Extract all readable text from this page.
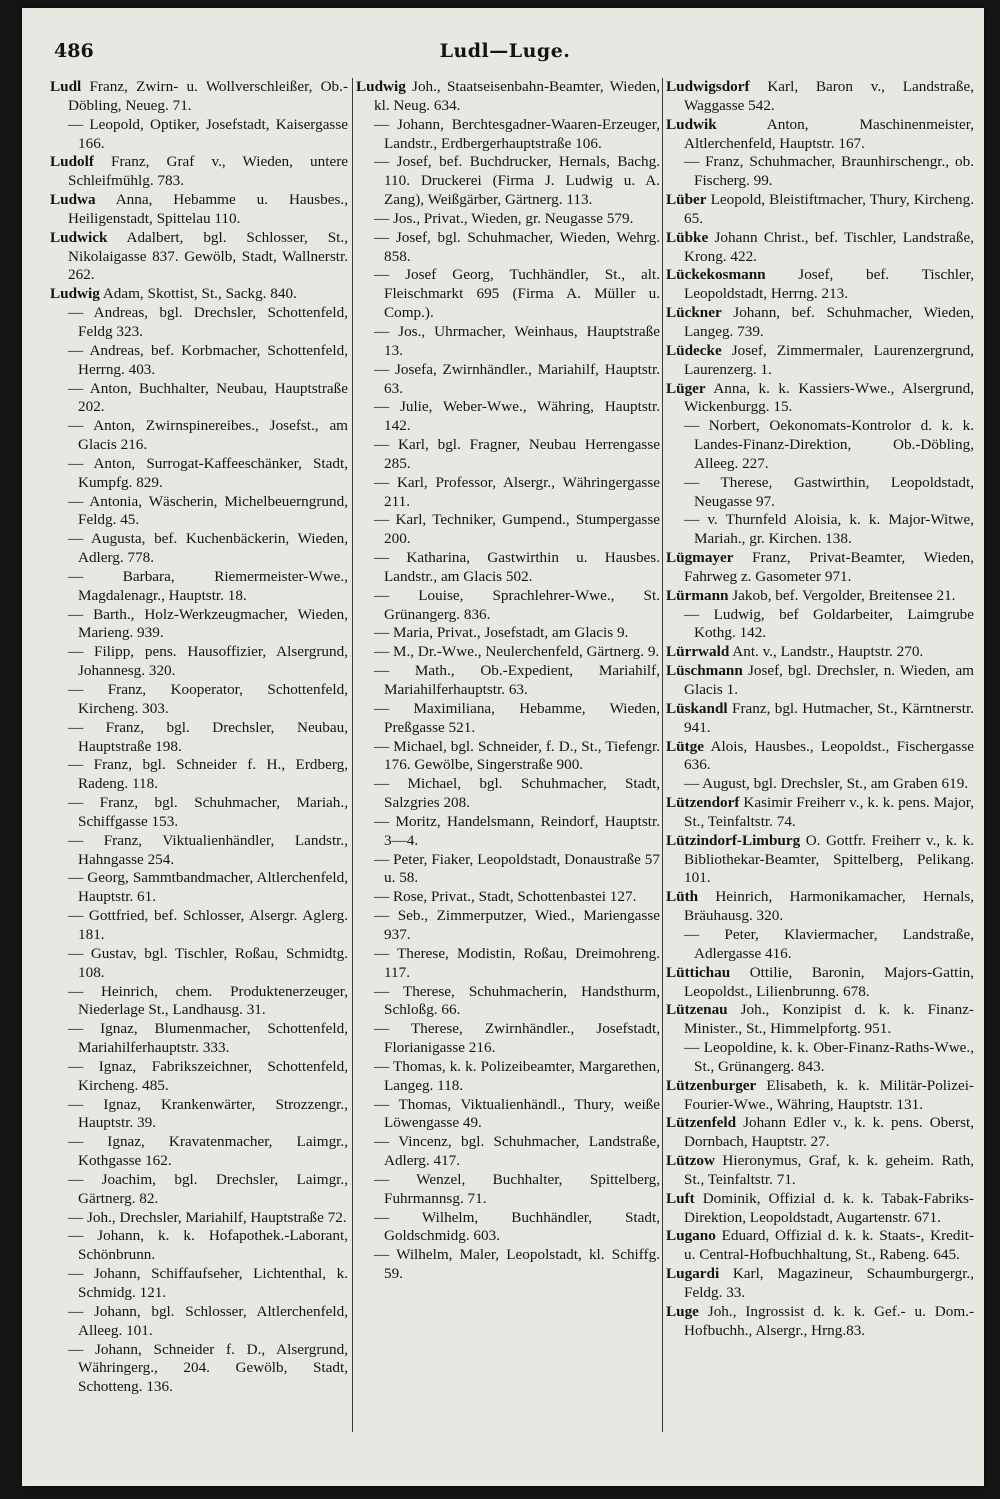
486	Ludl—Luge.
Ludl Franz, Zwirn- u. Wollverschleißer, Ob.-Döbling, Neueg. 71.
— Leopold, Optiker, Josefstadt, Kaisergasse 166.
Ludolf Franz, Graf v., Wieden, untere Schleifmühlg. 783.
Ludwa Anna, Hebamme u. Hausbes., Heiligenstadt, Spittelau 110.
Ludwick Adalbert, bgl. Schlosser, St., Nikolaigasse 837. Gewölb, Stadt, Wallnerstr. 262.
Ludwig Adam, Skottist, St., Sackg. 840.
— Andreas, bgl. Drechsler, Schottenfeld, Feldg 323.
— Andreas, bef. Korbmacher, Schottenfeld, Herrng. 403.
— Anton, Buchhalter, Neubau, Hauptstraße 202.
— Anton, Zwirnspinereibes., Josefst., am Glacis 216.
— Anton, Surrogat-Kaffeeschänker, Stadt, Kumpfg. 829.
— Antonia, Wäscherin, Michelbeuerngrund, Feldg. 45.
— Augusta, bef. Kuchenbäckerin, Wieden, Adlerg. 778.
— Barbara, Riemermeister-Wwe., Magdalenagr., Hauptstr. 18.
— Barth., Holz-Werkzeugmacher, Wieden, Marieng. 939.
— Filipp, pens. Hausoffizier, Alsergrund, Johannesg. 320.
— Franz, Kooperator, Schottenfeld, Kircheng. 303.
— Franz, bgl. Drechsler, Neubau, Hauptstraße 198.
— Franz, bgl. Schneider f. H., Erdberg, Radeng. 118.
— Franz, bgl. Schuhmacher, Mariah., Schiffgasse 153.
— Franz, Viktualienhändler, Landstr., Hahngasse 254.
— Georg, Sammtbandmacher, Altlerchenfeld, Hauptstr. 61.
— Gottfried, bef. Schlosser, Alsergr. Aglerg. 181.
— Gustav, bgl. Tischler, Roßau, Schmidtg. 108.
— Heinrich, chem. Produktenerzeuger, Niederlage St., Landhausg. 31.
— Ignaz, Blumenmacher, Schottenfeld, Mariahilferhauptstr. 333.
— Ignaz, Fabrikszeichner, Schottenfeld, Kircheng. 485.
— Ignaz, Krankenwärter, Strozzengr., Hauptstr. 39.
— Ignaz, Kravatenmacher, Laimgr., Kothgasse 162.
— Joachim, bgl. Drechsler, Laimgr., Gärtnerg. 82.
— Joh., Drechsler, Mariahilf, Hauptstraße 72.
— Johann, k. k. Hofapothek.-Laborant, Schönbrunn.
— Johann, Schiffaufseher, Lichtenthal, k. Schmidg. 121.
— Johann, bgl. Schlosser, Altlerchenfeld, Alleeg. 101.
— Johann, Schneider f. D., Alsergrund, Währingerg., 204. Gewölb, Stadt, Schotteng. 136.
Ludwig Joh., Staatseisenbahn-Beamter, Wieden, kl. Neug. 634.
— Johann, Berchtesgadner-Waaren-Erzeuger, Landstr., Erdbergerhauptstraße 106.
— Josef, bef. Buchdrucker, Hernals, Bachg. 110. Druckerei (Firma J. Ludwig u. A. Zang), Weißgärber, Gärtnerg. 113.
— Jos., Privat., Wieden, gr. Neugasse 579.
— Josef, bgl. Schuhmacher, Wieden, Wehrg. 858.
— Josef Georg, Tuchhändler, St., alt. Fleischmarkt 695 (Firma A. Müller u. Comp.).
— Jos., Uhrmacher, Weinhaus, Hauptstraße 13.
— Josefa, Zwirnhändler., Mariahilf, Hauptstr. 63.
— Julie, Weber-Wwe., Währing, Hauptstr. 142.
— Karl, bgl. Fragner, Neubau Herrengasse 285.
— Karl, Professor, Alsergr., Währingergasse 211.
— Karl, Techniker, Gumpend., Stumpergasse 200.
— Katharina, Gastwirthin u. Hausbes. Landstr., am Glacis 502.
— Louise, Sprachlehrer-Wwe., St. Grünangerg. 836.
— Maria, Privat., Josefstadt, am Glacis 9.
— M., Dr.-Wwe., Neulerchenfeld, Gärtnerg. 9.
— Math., Ob.-Expedient, Mariahilf, Mariahilferhauptstr. 63.
— Maximiliana, Hebamme, Wieden, Preßgasse 521.
— Michael, bgl. Schneider, f. D., St., Tiefengr. 176. Gewölbe, Singerstraße 900.
— Michael, bgl. Schuhmacher, Stadt, Salzgries 208.
— Moritz, Handelsmann, Reindorf, Hauptstr. 3—4.
— Peter, Fiaker, Leopoldstadt, Donaustraße 57 u. 58.
— Rose, Privat., Stadt, Schottenbastei 127.
— Seb., Zimmerputzer, Wied., Mariengasse 937.
— Therese, Modistin, Roßau, Dreimohreng. 117.
— Therese, Schuhmacherin, Handsthurm, Schloßg. 66.
— Therese, Zwirnhändler., Josefstadt, Florianigasse 216.
— Thomas, k. k. Polizeibeamter, Margarethen, Langeg. 118.
— Thomas, Viktualienhändl., Thury, weiße Löwengasse 49.
— Vincenz, bgl. Schuhmacher, Landstraße, Adlerg. 417.
— Wenzel, Buchhalter, Spittelberg, Fuhrmannsg. 71.
— Wilhelm, Buchhändler, Stadt, Goldschmidg. 603.
— Wilhelm, Maler, Leopolstadt, kl. Schiffg. 59.
Ludwigsdorf Karl, Baron v., Landstraße, Waggasse 542.
Ludwik	Anton, Maschinenmeister, Altlerchenfeld, Hauptstr. 167.
— Franz, Schuhmacher, Braunhirschengr., ob. Fischerg. 99.
Lüber Leopold, Bleistiftmacher, Thury, Kircheng. 65.
Lübke Johann Christ., bef. Tischler, Landstraße, Krong. 422.
Lückekosmann Josef, bef. Tischler, Leopoldstadt, Herrng. 213.
Lückner Johann, bef. Schuhmacher, Wieden, Langeg. 739.
Lüdecke Josef, Zimmermaler, Laurenzergrund, Laurenzerg. 1.
Lüger Anna, k. k. Kassiers-Wwe., Alsergrund, Wickenburgg. 15.
— Norbert, Oekonomats-Kontrolor d. k. k. Landes-Finanz-Direktion, Ob.-Döbling, Alleeg. 227.
— Therese, Gastwirthin, Leopoldstadt, Neugasse 97.
— v. Thurnfeld Aloisia, k. k. Major-Witwe, Mariah., gr. Kirchen. 138.
Lügmayer Franz, Privat-Beamter, Wieden, Fahrweg z. Gasometer 971.
Lürmann Jakob, bef. Vergolder, Breitensee 21.
— Ludwig, bef Goldarbeiter, Laimgrube Kothg. 142.
Lürrwald Ant. v., Landstr., Hauptstr. 270.
Lüschmann Josef, bgl. Drechsler, n. Wieden, am Glacis 1.
Lüskandl Franz, bgl. Hutmacher, St., Kärntnerstr. 941.
Lütge Alois, Hausbes., Leopoldst., Fischergasse 636.
— August, bgl. Drechsler, St., am Graben 619.
Lützendorf Kasimir Freiherr v., k. k. pens. Major, St., Teinfaltstr. 74.
Lützindorf-Limburg O. Gottfr. Freiherr v., k. k. Bibliothekar-Beamter, Spittelberg, Pelikang. 101.
Lüth Heinrich, Harmonikamacher, Hernals, Bräuhausg. 320.
— Peter, Klaviermacher, Landstraße, Adlergasse 416.
Lüttichau Ottilie, Baronin, Majors-Gattin, Leopoldst., Lilienbrunng. 678.
Lützenau Joh., Konzipist d. k. k. Finanz-Minister., St., Himmelpfortg. 951.
— Leopoldine, k. k. Ober-Finanz-Raths-Wwe., St., Grünangerg. 843.
Lützenburger Elisabeth, k. k. Militär-Polizei-Fourier-Wwe., Währing, Hauptstr. 131.
Lützenfeld Johann Edler v., k. k. pens. Oberst, Dornbach, Hauptstr. 27.
Lützow Hieronymus, Graf, k. k. geheim. Rath, St., Teinfaltstr. 71.
Luft Dominik, Offizial d. k. k. Tabak-Fabriks-Direktion, Leopoldstadt, Augartenstr. 671.
Lugano Eduard, Offizial d. k. k. Staats-, Kredit- u. Central-Hofbuchhaltung, St., Rabeng. 645.
Lugardi Karl, Magazineur, Schaumburgergr., Feldg. 33.
Luge Joh., Ingrossist d. k. k. Gef.- u. Dom.-Hofbuchh., Alsergr., Hrng.83.
